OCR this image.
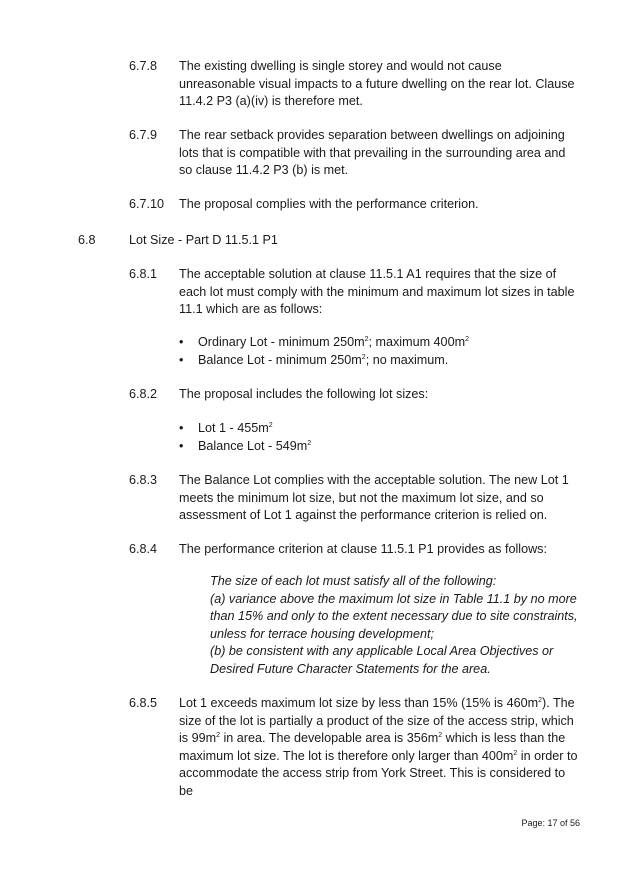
6.7.8 The existing dwelling is single storey and would not cause unreasonable visual impacts to a future dwelling on the rear lot. Clause 11.4.2 P3 (a)(iv) is therefore met.
6.7.9 The rear setback provides separation between dwellings on adjoining lots that is compatible with that prevailing in the surrounding area and so clause 11.4.2 P3 (b) is met.
6.7.10 The proposal complies with the performance criterion.
6.8	Lot Size - Part D 11.5.1 P1
6.8.1 The acceptable solution at clause 11.5.1 A1 requires that the size of each lot must comply with the minimum and maximum lot sizes in table 11.1 which are as follows:
• Ordinary Lot - minimum $250m^2$; maximum $400m^2$
• Balance Lot - minimum $250m^2$; no maximum.
6.8.2 The proposal includes the following lot sizes:
• Lot $1 - 455m^2$
• Balance Lot - $549m^2$
6.8.3 The Balance Lot complies with the acceptable solution. The new Lot 1 meets the minimum lot size, but not the maximum lot size, and so assessment of Lot 1 against the performance criterion is relied on.
6.8.4 The performance criterion at clause 11.5.1 P1 provides as follows:

The size of each lot must satisfy all of the following:

(a) variance above the maximum lot size in Table 11.1 by no more than 15% and only to the extent necessary due to site constraints, unless for terrace housing development;

(b) be consistent with any applicable Local Area Objectives or Desired Future Character Statements for the area.

6.8.5 Lot 1 exceeds maximum lot size by less than 15% (15% is $460m^2$). The size of the lot is partially a product of the size of the access strip, which is $99m^2$ in area. The developable area is $356m^2$ which is less than the maximum lot size. The lot is therefore only larger than $400m^2$ in order to accommodate the access strip from York Street. This is considered to be
Page: 17 of 56
